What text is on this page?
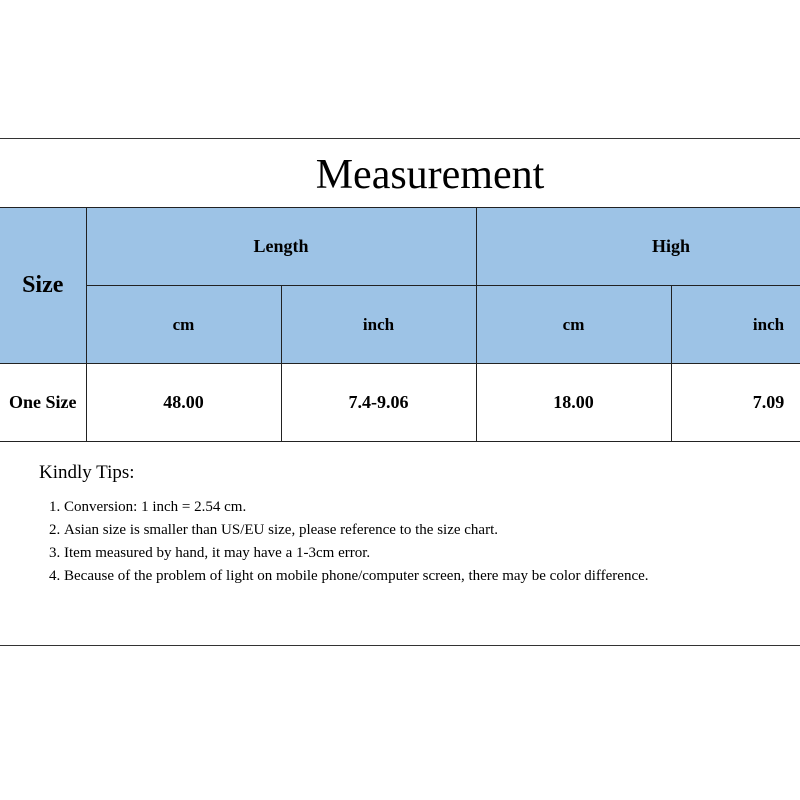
Measurement
Size	Length		High	
	cm	inch	cm	inch
One Size	48.00	7.4-9.06	18.00	7.09
Kindly Tips:
1. Conversion: 1 inch = 2.54 cm.
2. Asian size is smaller than US/EU size, please reference to the size chart.
3. Item measured by hand, it may have a 1-3cm error.
4. Because of the problem of light on mobile phone/computer screen, there may be color difference.
